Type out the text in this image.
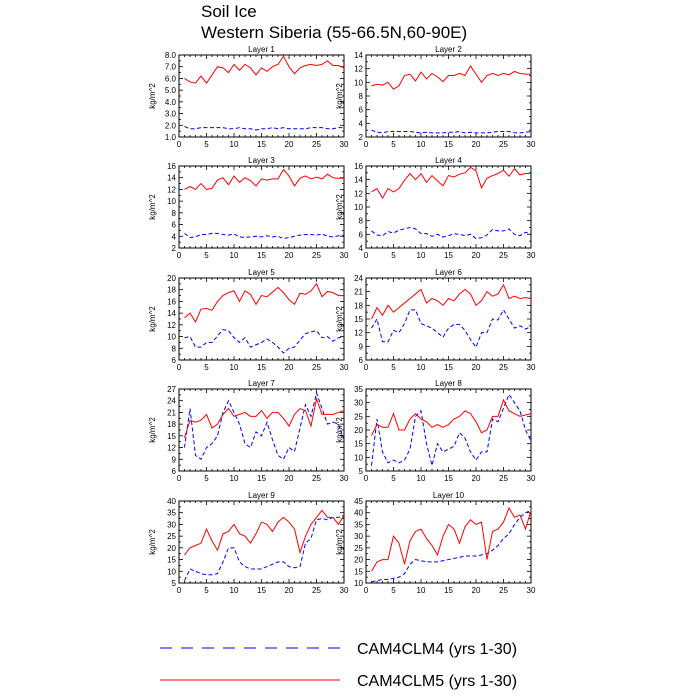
Soil Ice
Western Siberia (55-66.5N,60-90E)
Layer 1
kg/m^2
0	5	10 15 20 25 30
1.0
2.0
3.0
4.0
5.0
6.0
7.0
8.0
Layer 2
kg/m^2
0	5	10 15 20 25 30
2
4
6
8
10
12
14
Layer 3
kg/m^2
0	5	10 15 20 25 30
2
4
6
8
10
12
14
16
Layer 4
kg/m^2
0	5	10 15 20 25 30
4
6
8
10
12
14
16
Layer 5
kg/m^2
0	5	10 15 20 25 30
6
8
10
12
14
16
18
20
Layer 6
kg/m^2
0	5	10 15 20 25 30
6
9
12
15
18
21
24
Layer 7
kg/m^2
0	5	10 15 20 25 30
6
9
12
15
18
21
24
27
Layer 8
kg/m^2
0	5	10 15 20 25 30
5
10
15
20
25
30
35
Layer 9
kg/m^2
0	5	10 15 20 25 30
5
10
15
20
25
30
35
40
Layer 10
kg/m^2
0	5	10 15 20 25 30
10
15
20
25
30
35
40
45
CAM4CLM4 (yrs 1-30)
CAM4CLM5 (yrs 1-30)
